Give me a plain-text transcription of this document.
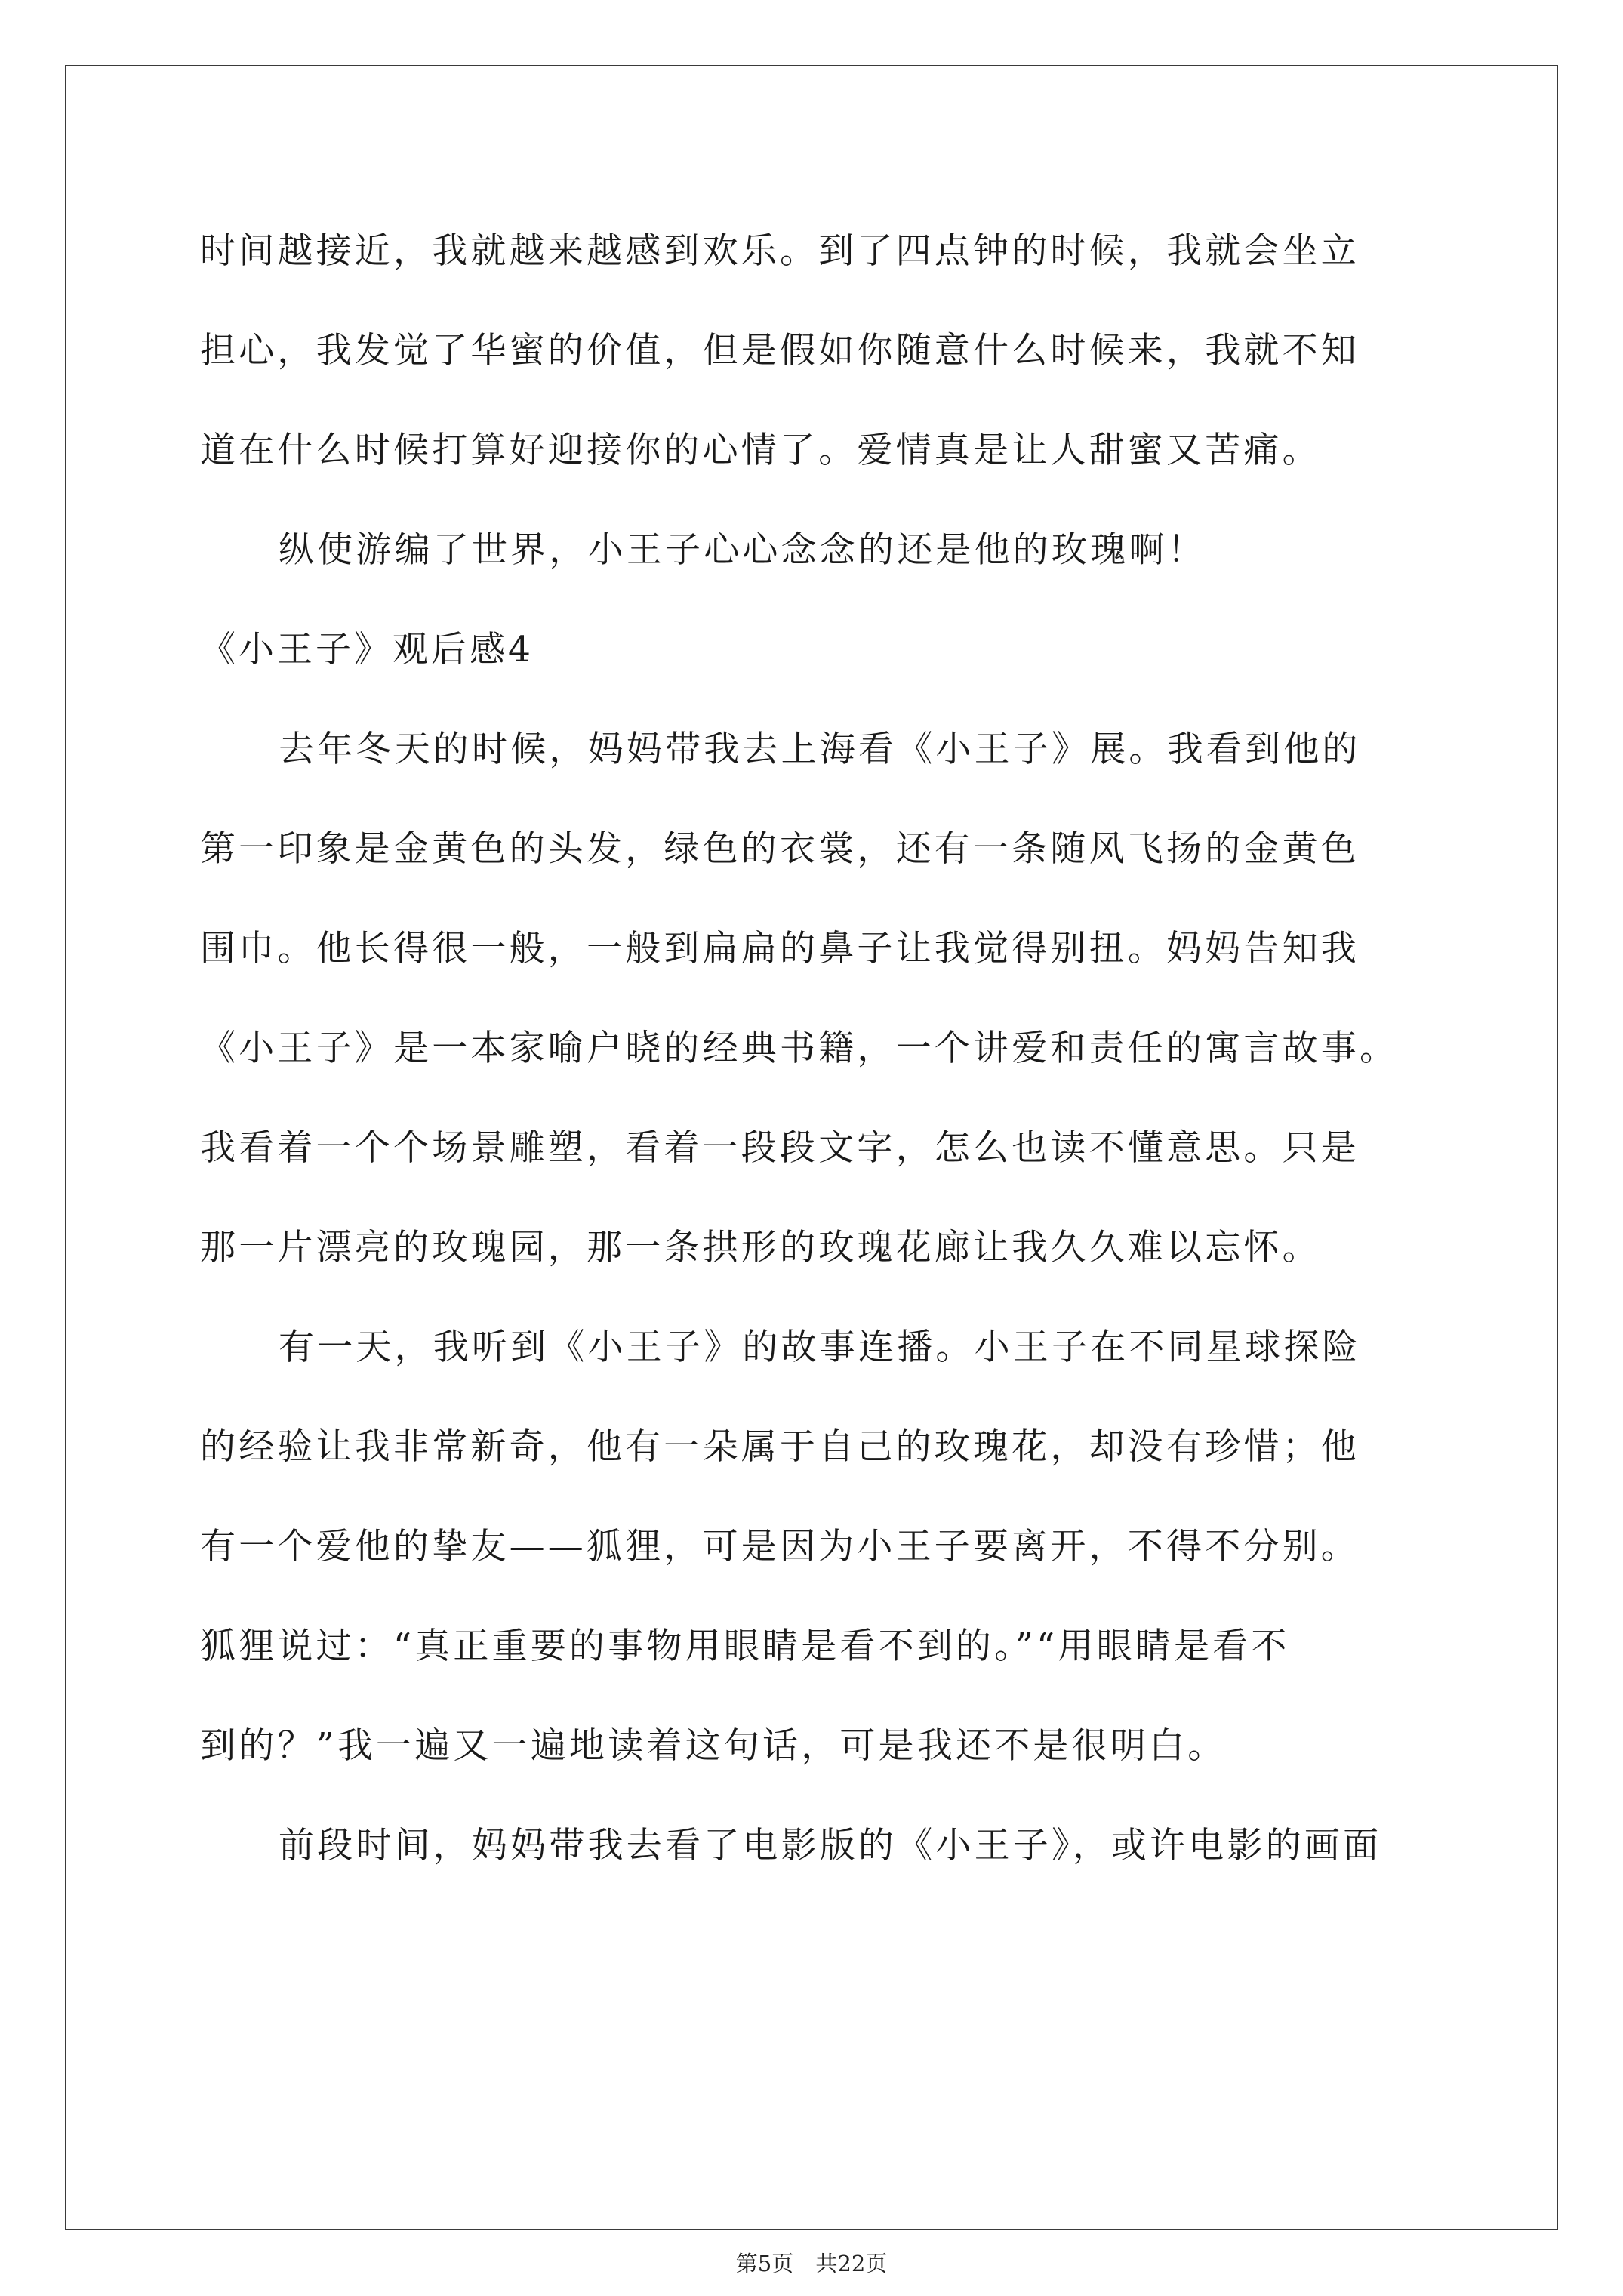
时间越接近，我就越来越感到欢乐。到了四点钟的时候，我就会坐立
担心，我发觉了华蜜的价值，但是假如你随意什么时候来，我就不知
道在什么时候打算好迎接你的心情了。爱情真是让人甜蜜又苦痛。
纵使游编了世界，小王子心心念念的还是他的玫瑰啊！
《小王子》观后感4
去年冬天的时候，妈妈带我去上海看《小王子》展。我看到他的
第一印象是金黄色的头发，绿色的衣裳，还有一条随风飞扬的金黄色
围巾。他长得很一般，一般到扁扁的鼻子让我觉得别扭。妈妈告知我
《小王子》是一本家喻户晓的经典书籍，一个讲爱和责任的寓言故事。
我看着一个个场景雕塑，看着一段段文字，怎么也读不懂意思。只是
那一片漂亮的玫瑰园，那一条拱形的玫瑰花廊让我久久难以忘怀。
有一天，我听到《小王子》的故事连播。小王子在不同星球探险
的经验让我非常新奇，他有一朵属于自己的玫瑰花，却没有珍惜；他
有一个爱他的挚友——狐狸，可是因为小王子要离开，不得不分别。
狐狸说过：“真正重要的事物用眼睛是看不到的。”“用眼睛是看不
到的？”我一遍又一遍地读着这句话，可是我还不是很明白。
前段时间，妈妈带我去看了电影版的《小王子》，或许电影的画面
第5页 共22页
